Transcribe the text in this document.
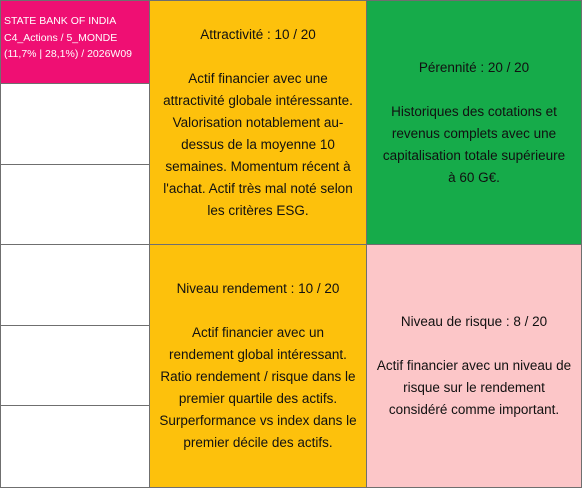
STATE BANK OF INDIA
C4_Actions / 5_MONDE
(11,7% | 28,1%) / 2026W09
Attractivité : 10 / 20
Actif financier avec une
attractivité globale intéressante.
Valorisation notablement au-
dessus de la moyenne 10
semaines. Momentum récent à
l'achat. Actif très mal noté selon
les critères ESG.
Pérennité : 20 / 20
Historiques des cotations et
revenus complets avec une
capitalisation totale supérieure
à 60 G€.
Niveau rendement : 10 / 20
Actif financier avec un
rendement global intéressant.
Ratio rendement / risque dans le
premier quartile des actifs.
Surperformance vs index dans le
premier décile des actifs.
Niveau de risque : 8 / 20
Actif financier avec un niveau de
risque sur le rendement
considéré comme important.
